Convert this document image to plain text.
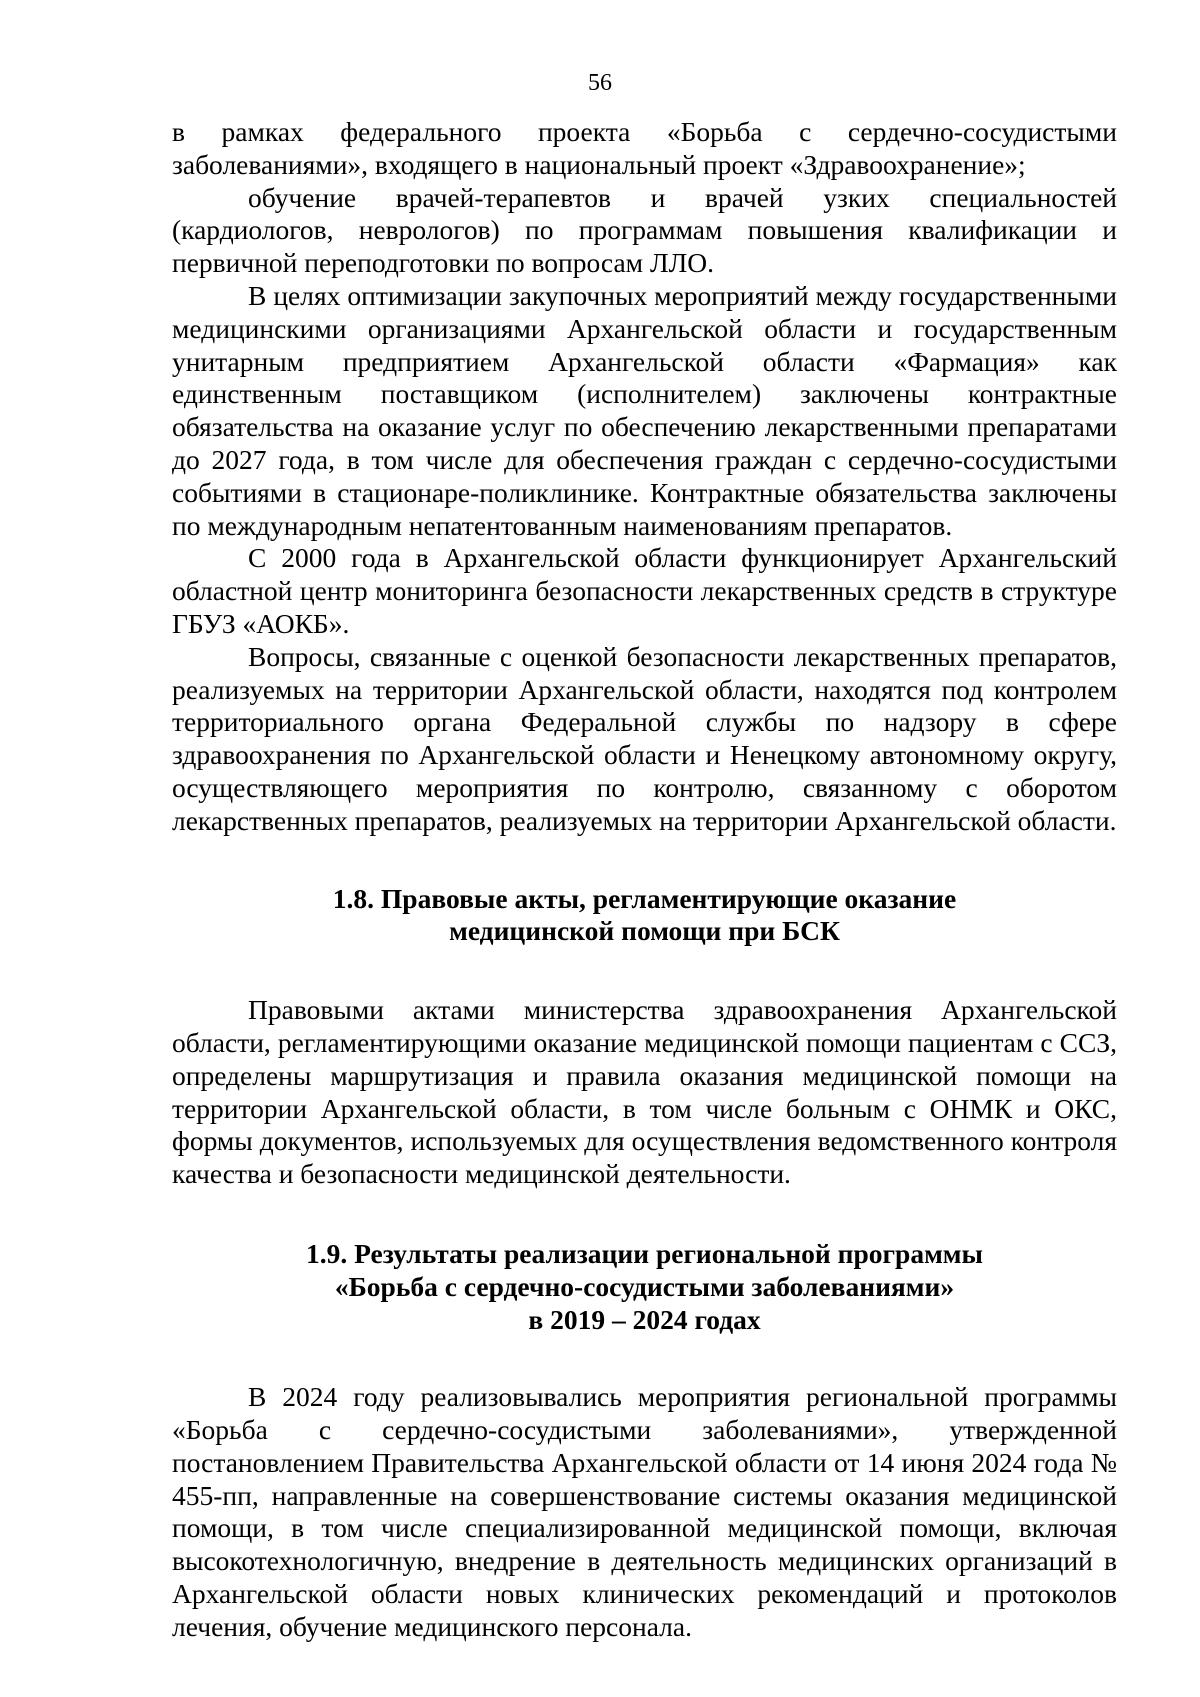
56

в рамках федерального проекта «Борьба с сердечно-сосудистыми заболеваниями», входящего в национальный проект «Здравоохранение»;

обучение врачей-терапевтов и врачей узких специальностей (кардиологов, неврологов) по программам повышения квалификации и первичной переподготовки по вопросам ЛЛО.

В целях оптимизации закупочных мероприятий между государственными медицинскими организациями Архангельской области и государственным унитарным предприятием Архангельской области «Фармация» как единственным поставщиком (исполнителем) заключены контрактные обязательства на оказание услуг по обеспечению лекарственными препаратами до 2027 года, в том числе для обеспечения граждан с сердечно-сосудистыми событиями в стационаре-поликлинике. Контрактные обязательства заключены по международным непатентованным наименованиям препаратов.

С 2000 года в Архангельской области функционирует Архангельский областной центр мониторинга безопасности лекарственных средств в структуре ГБУЗ «АОКБ».

Вопросы, связанные с оценкой безопасности лекарственных препаратов, реализуемых на территории Архангельской области, находятся под контролем территориального органа Федеральной службы по надзору в сфере здравоохранения по Архангельской области и Ненецкому автономному округу, осуществляющего мероприятия по контролю, связанному с оборотом лекарственных препаратов, реализуемых на территории Архангельской области.

1.8. Правовые акты, регламентирующие оказание
медицинской помощи при БСК

Правовыми актами министерства здравоохранения Архангельской области, регламентирующими оказание медицинской помощи пациентам с ССЗ, определены маршрутизация и правила оказания медицинской помощи на территории Архангельской области, в том числе больным с ОНМК и ОКС, формы документов, используемых для осуществления ведомственного контроля качества и безопасности медицинской деятельности.

1.9. Результаты реализации региональной программы
«Борьба с сердечно-сосудистыми заболеваниями»
в 2019 – 2024 годах

В 2024 году реализовывались мероприятия региональной программы «Борьба с сердечно-сосудистыми заболеваниями», утвержденной постановлением Правительства Архангельской области от 14 июня 2024 года № 455-пп, направленные на совершенствование системы оказания медицинской помощи, в том числе специализированной медицинской помощи, включая высокотехнологичную, внедрение в деятельность медицинских организаций в Архангельской области новых клинических рекомендаций и протоколов лечения, обучение медицинского персонала.
